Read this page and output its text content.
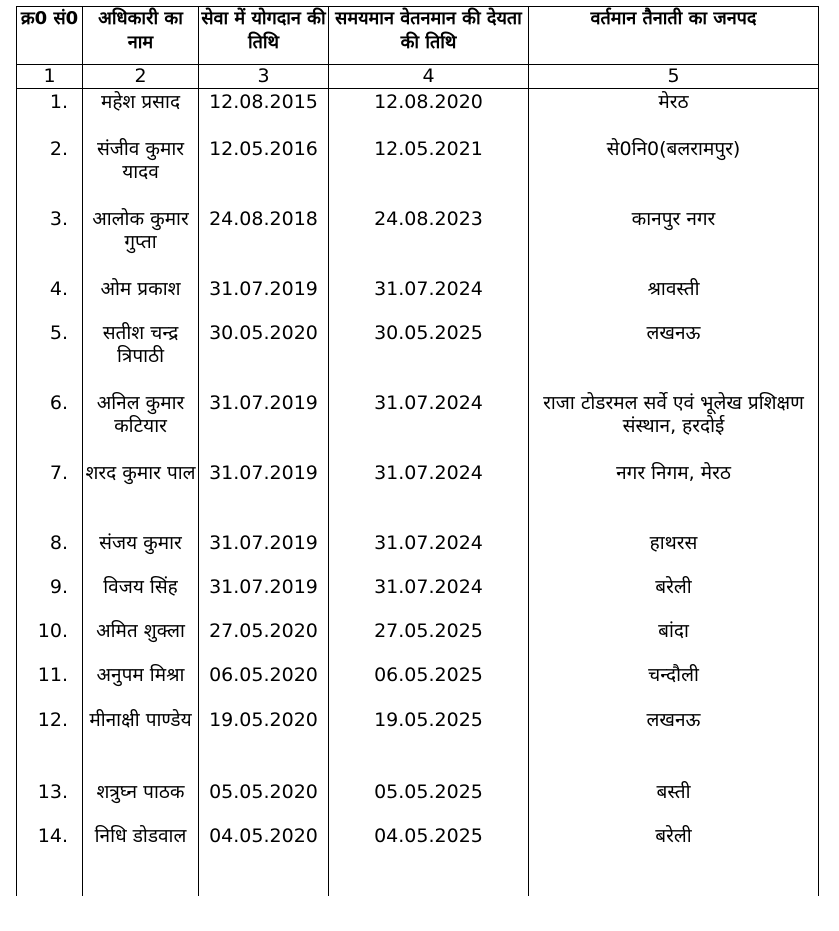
क्र0 सं0	अधिकारी का नाम	सेवा में योगदान की तिथि	समयमान वेतनमान की देयता की तिथि	वर्तमान तैनाती का जनपद
1	2	3	4	5
1.	महेश प्रसाद	12.08.2015	12.08.2020	मेरठ
2.	संजीव कुमार यादव	12.05.2016	12.05.2021	से0नि0(बलरामपुर)
3.	आलोक कुमार गुप्ता	24.08.2018	24.08.2023	कानपुर नगर
4.	ओम प्रकाश	31.07.2019	31.07.2024	श्रावस्ती
5.	सतीश चन्द्र त्रिपाठी	30.05.2020	30.05.2025	लखनऊ
6.	अनिल कुमार कटियार	31.07.2019	31.07.2024	राजा टोडरमल सर्वे एवं भूलेख प्रशिक्षण संस्थान, हरदोई
7.	शरद कुमार पाल	31.07.2019	31.07.2024	नगर निगम, मेरठ
8.	संजय कुमार	31.07.2019	31.07.2024	हाथरस
9.	विजय सिंह	31.07.2019	31.07.2024	बरेली
10.	अमित शुक्ला	27.05.2020	27.05.2025	बांदा
11.	अनुपम मिश्रा	06.05.2020	06.05.2025	चन्दौली
12.	मीनाक्षी पाण्डेय	19.05.2020	19.05.2025	लखनऊ
13.	शत्रुघ्न पाठक	05.05.2020	05.05.2025	बस्ती
14.	निधि डोडवाल	04.05.2020	04.05.2025	बरेली
